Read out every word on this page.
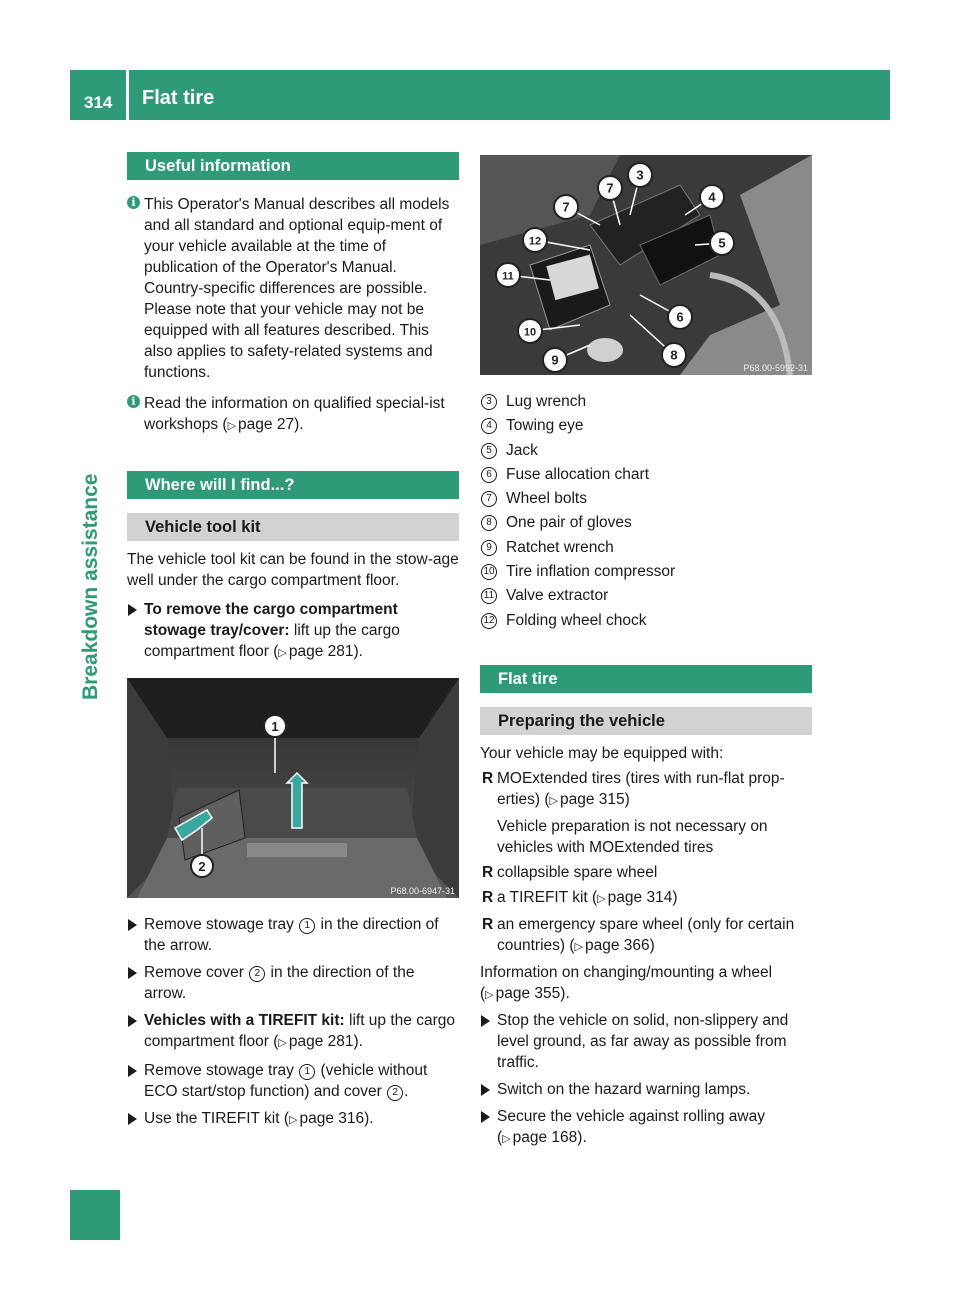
314 Flat tire
Breakdown assistance
Useful information
i This Operator's Manual describes all models and all standard and optional equip-ment of your vehicle available at the time of publication of the Operator's Manual. Country-specific differences are possible. Please note that your vehicle may not be equipped with all features described. This also applies to safety-related systems and functions.
i Read the information on qualified special-ist workshops ( ▷ page 27).
Where will I find...?
Vehicle tool kit

The vehicle tool kit can be found in the stow-age well under the cargo compartment floor.

To remove the cargo compartment stowage tray/cover: lift up the cargo compartment floor ( ▷ page 281).
1
2
P68.00-6947-31
Remove stowage tray 1 in the direction of the arrow.
Remove cover 2 in the direction of the arrow.
Vehicles with a TIREFIT kit: lift up the cargo compartment floor ( ▷ page 281).
Remove stowage tray 1 (vehicle without ECO start/stop function) and cover 2 .
Use the TIREFIT kit ( ▷ page 316).
3
4
5
6
7
8
9
10
11
12
7
P68.00-5992-31
3 Lug wrench
4 Towing eye
5 Jack
6 Fuse allocation chart
7 Wheel bolts
8 One pair of gloves
9 Ratchet wrench
10 Tire inflation compressor
11 Valve extractor
12 Folding wheel chock
Flat tire
Preparing the vehicle

Your vehicle may be equipped with:

R MOExtended tires (tires with run-flat prop-erties) ( ▷ page 315)
Vehicle preparation is not necessary on vehicles with MOExtended tires
R collapsible spare wheel
R a TIREFIT kit ( ▷ page 314)
R an emergency spare wheel (only for certain countries) ( ▷ page 366)

Information on changing/mounting a wheel ( ▷ page 355).

Stop the vehicle on solid, non-slippery and level ground, as far away as possible from traffic.
Switch on the hazard warning lamps.
Secure the vehicle against rolling away ( ▷ page 168).
